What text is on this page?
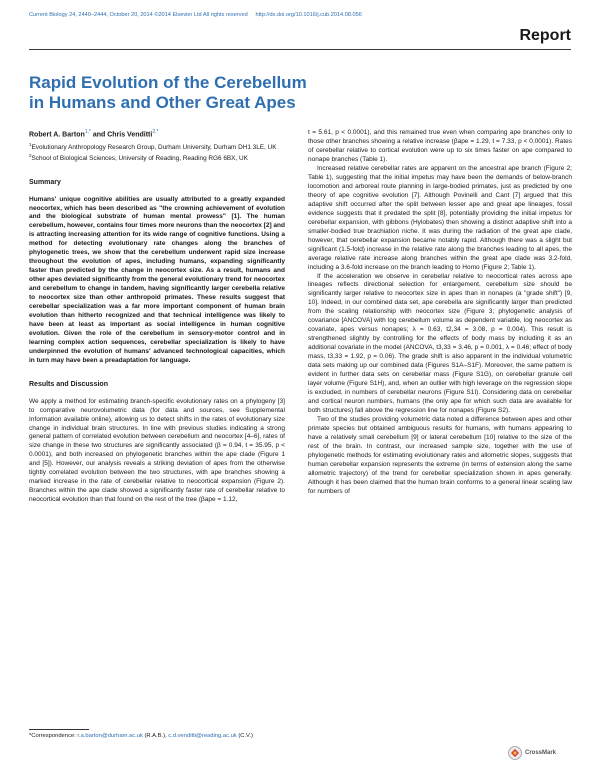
Current Biology 24, 2440–2444, October 20, 2014 ©2014 Elsevier Ltd All rights reserved http://dx.doi.org/10.1016/j.cub.2014.08.056
Report
Rapid Evolution of the Cerebellum
in Humans and Other Great Apes
Robert A. Barton$^{1,*}$ and Chris Venditti$^{2,*}$

$^1$Evolutionary Anthropology Research Group, Durham University, Durham DH1 3LE, UK

$^2$School of Biological Sciences, University of Reading, Reading RG6 6BX, UK

Summary

Humans' unique cognitive abilities are usually attributed to a greatly expanded neocortex, which has been described as "the crowning achievement of evolution and the biological substrate of human mental prowess" [1]. The human cerebellum, however, contains four times more neurons than the neocortex [2] and is attracting increasing attention for its wide range of cognitive functions. Using a method for detecting evolutionary rate changes along the branches of phylogenetic trees, we show that the cerebellum underwent rapid size increase throughout the evolution of apes, including humans, expanding significantly faster than predicted by the change in neocortex size. As a result, humans and other apes deviated significantly from the general evolutionary trend for neocortex and cerebellum to change in tandem, having significantly larger cerebella relative to neocortex size than other anthropoid primates. These results suggest that cerebellar specialization was a far more important component of human brain evolution than hitherto recognized and that technical intelligence was likely to have been at least as important as social intelligence in human cognitive evolution. Given the role of the cerebellum in sensory-motor control and in learning complex action sequences, cerebellar specialization is likely to have underpinned the evolution of humans' advanced technological capacities, which in turn may have been a preadaptation for language.

Results and Discussion

We apply a method for estimating branch-specific evolutionary rates on a phylogeny [3] to comparative neurovolumetric data (for data and sources, see Supplemental Information available online), allowing us to detect shifts in the rates of evolutionary size change in individual brain structures. In line with previous studies indicating a strong general pattern of correlated evolution between cerebellum and neocortex [4–6], rates of size change in these two structures are significantly associated (β = 0.94, t = 35.95, p < 0.0001), and both increased on phylogenetic branches within the ape clade (Figure 1 and [5]). However, our analysis reveals a striking deviation of apes from the otherwise tightly correlated evolution between the two structures, with ape branches showing a marked increase in the rate of cerebellar relative to neocortical expansion (Figure 2). Branches within the ape clade showed a significantly faster rate of cerebellar relative to neocortical evolution than that found on the rest of the tree (βape = 1.12,

t = 5.61, p < 0.0001), and this remained true even when comparing ape branches only to those other branches showing a relative increase (βape = 1.29, t = 7.33, p < 0.0001). Rates of cerebellar relative to cortical evolution were up to six times faster on ape compared to nonape branches (Table 1).

Increased relative cerebellar rates are apparent on the ancestral ape branch (Figure 2; Table 1), suggesting that the initial impetus may have been the demands of below-branch locomotion and arboreal route planning in large-bodied primates, just as predicted by one theory of ape cognitive evolution [7]. Although Povinelli and Cant [7] argued that this adaptive shift occurred after the split between lesser ape and great ape lineages, fossil evidence suggests that it predated the split [8], potentially providing the initial impetus for cerebellar expansion, with gibbons (Hylobates) then showing a distinct adaptive shift into a smaller-bodied true brachiation niche. It was during the radiation of the great ape clade, however, that cerebellar expansion became notably rapid. Although there was a slight but significant (1.5-fold) increase in the relative rate along the branches leading to all apes, the average relative rate increase along branches within the great ape clade was 3.2-fold, including a 3.6-fold increase on the branch leading to Homo (Figure 2; Table 1).

If the acceleration we observe in cerebellar relative to neocortical rates across ape lineages reflects directional selection for enlargement, cerebellum size should be significantly larger relative to neocortex size in apes than in nonapes (a "grade shift") [9, 10]. Indeed, in our combined data set, ape cerebella are significantly larger than predicted from the scaling relationship with neocortex size (Figure 3; phylogenetic analysis of covariance [ANCOVA] with log cerebellum volume as dependent variable, log neocortex as covariate, apes versus nonapes; λ = 0.63, t2,34 = 3.08, p = 0.004). This result is strengthened slightly by controlling for the effects of body mass by including it as an additional covariate in the model (ANCOVA, t3,33 = 3.46, p = 0.001, λ = 0.46; effect of body mass, t3,33 = 1.92, p = 0.06). The grade shift is also apparent in the individual volumetric data sets making up our combined data (Figures S1A–S1F). Moreover, the same pattern is evident in further data sets on cerebellar mass (Figure S1G), on cerebellar granule cell layer volume (Figure S1H), and, when an outlier with high leverage on the regression slope is excluded, in numbers of cerebellar neurons (Figure S1I). Considering data on cerebellar and cortical neuron numbers, humans (the only ape for which such data are available for both structures) fall above the regression line for nonapes (Figure S2).

Two of the studies providing volumetric data noted a difference between apes and other primate species but obtained ambiguous results for humans, with humans appearing to have a relatively small cerebellum [9] or lateral cerebellum [10] relative to the size of the rest of the brain. In contrast, our increased sample size, together with the use of phylogenetic methods for estimating evolutionary rates and allometric slopes, suggests that human cerebellar expansion represents the extreme (in terms of extension along the same allometric trajectory) of the trend for cerebellar specialization shown in apes generally. Although it has been claimed that the human brain conforms to a general linear scaling law for numbers of

*Correspondence: r.a.barton@durham.ac.uk (R.A.B.), c.d.venditti@reading.ac.uk (C.V.)
CrossMark
